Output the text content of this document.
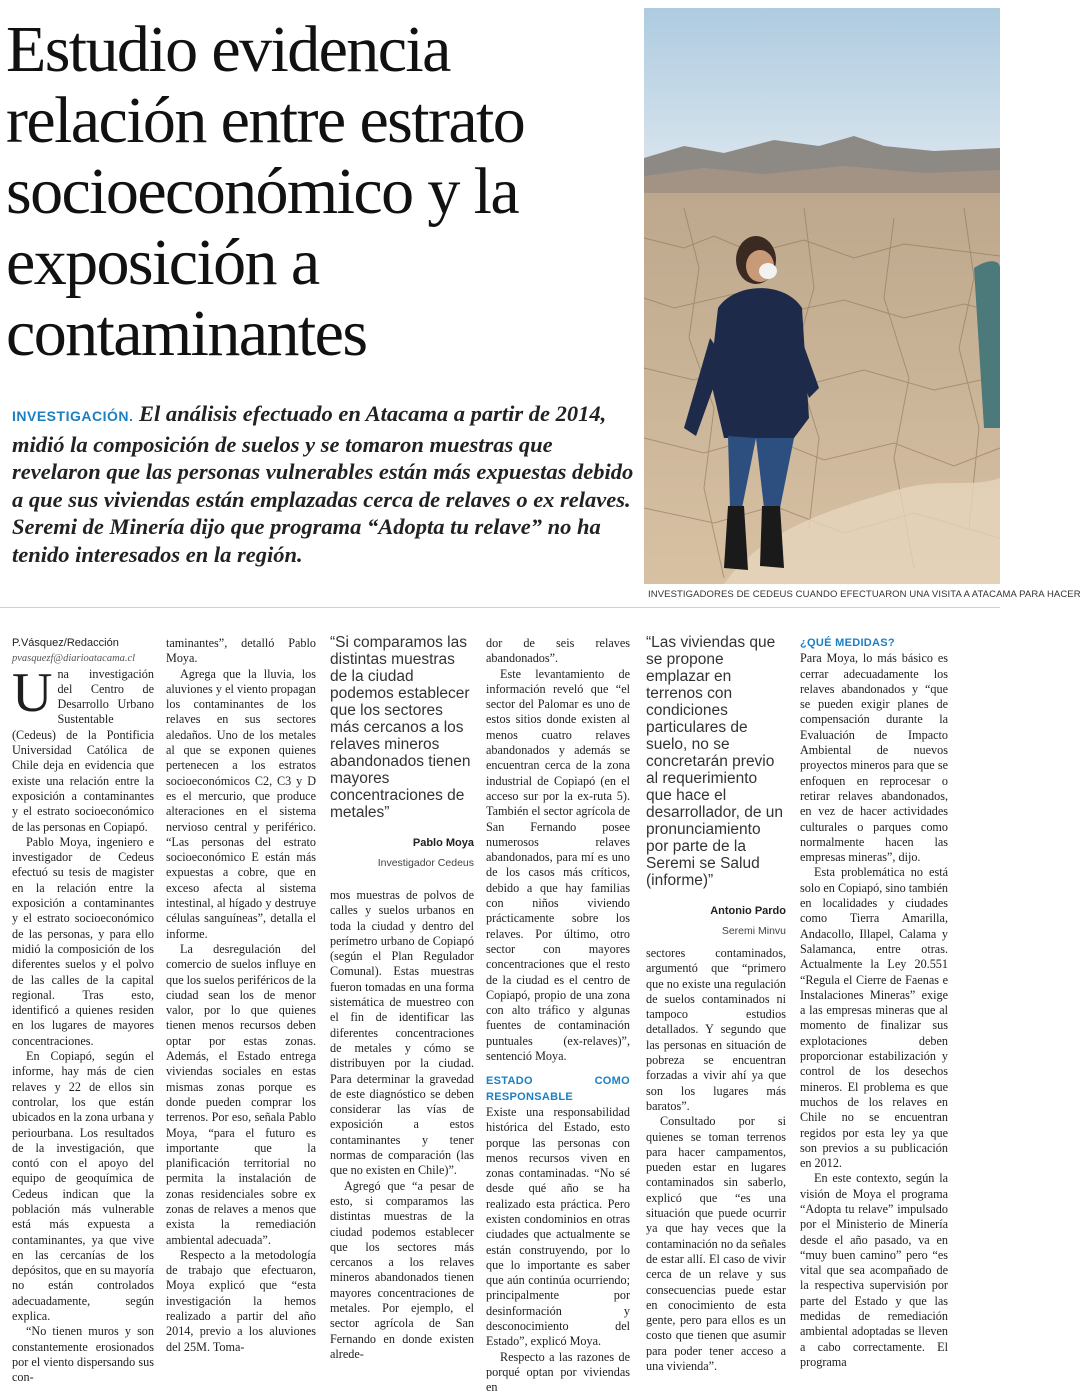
Estudio evidencia
relación entre estrato
socioeconómico y la
exposición a
contaminantes

INVESTIGACIÓN. El análisis efectuado en Atacama a partir de 2014, midió la composición de suelos y se tomaron muestras que revelaron que las personas vulnerables están más expuestas debido a que sus viviendas están emplazadas cerca de relaves o ex relaves. Seremi de Minería dijo que programa “Adopta tu relave” no ha tenido interesados en la región.

INVESTIGADORES DE CEDEUS CUANDO EFECTUARON UNA VISITA A ATACAMA PARA HACER

P.Vásquez/Redacción

pvasquezf@diarioatacama.cl

Una investigación del Centro de Desarrollo Urbano Sustentable (Cedeus) de la Pontificia Universidad Católica de Chile deja en evidencia que existe una relación entre la exposición a contaminantes y el estrato socioeconómico de las personas en Copiapó.

Pablo Moya, ingeniero e investigador de Cedeus efectuó su tesis de magister en la relación entre la exposición a contaminantes y el estrato socioeconómico de las personas, y para ello midió la composición de los diferentes suelos y el polvo de las calles de la capital regional. Tras esto, identificó a quienes residen en los lugares de mayores concentraciones.

En Copiapó, según el informe, hay más de cien relaves y 22 de ellos sin controlar, los que están ubicados en la zona urbana y periourbana. Los resultados de la investigación, que contó con el apoyo del equipo de geoquímica de Cedeus indican que la población más vulnerable está más expuesta a contaminantes, ya que vive en las cercanías de los depósitos, que en su mayoría no están controlados adecuadamente, según explica.

“No tienen muros y son constantemente erosionados por el viento dispersando sus con-

taminantes”, detalló Pablo Moya.

Agrega que la lluvia, los aluviones y el viento propagan los contaminantes de los relaves en sus sectores aledaños. Uno de los metales al que se exponen quienes pertenecen a los estratos socioeconómicos C2, C3 y D es el mercurio, que produce alteraciones en el sistema nervioso central y periférico. “Las personas del estrato socioeconómico E están más expuestas a cobre, que en exceso afecta al sistema intestinal, al hígado y destruye células sanguíneas”, detalla el informe.

La desregulación del comercio de suelos influye en que los suelos periféricos de la ciudad sean los de menor valor, por lo que quienes tienen menos recursos deben optar por estas zonas. Además, el Estado entrega viviendas sociales en estas mismas zonas porque es donde pueden comprar los terrenos. Por eso, señala Pablo Moya, “para el futuro es importante que la planificación territorial no permita la instalación de zonas residenciales sobre ex zonas de relaves a menos que exista la remediación ambiental adecuada”.

Respecto a la metodología de trabajo que efectuaron, Moya explicó que “esta investigación la hemos realizado a partir del año 2014, previo a los aluviones del 25M. Toma-

“Si comparamos las distintas muestras de la ciudad podemos establecer que los sectores más cercanos a los relaves mineros abandonados tienen mayores concentraciones de metales”

Pablo Moya

Investigador Cedeus

mos muestras de polvos de calles y suelos urbanos en toda la ciudad y dentro del perímetro urbano de Copiapó (según el Plan Regulador Comunal). Estas muestras fueron tomadas en una forma sistemática de muestreo con el fin de identificar las diferentes concentraciones de metales y cómo se distribuyen por la ciudad. Para determinar la gravedad de este diagnóstico se deben considerar las vías de exposición a estos contaminantes y tener normas de comparación (las que no existen en Chile)”.

Agregó que “a pesar de esto, si comparamos las distintas muestras de la ciudad podemos establecer que los sectores más cercanos a los relaves mineros abandonados tienen mayores concentraciones de metales. Por ejemplo, el sector agrícola de San Fernando en donde existen alrede-

dor de seis relaves abandonados”.

Este levantamiento de información reveló que “el sector del Palomar es uno de estos sitios donde existen al menos cuatro relaves abandonados y además se encuentran cerca de la zona industrial de Copiapó (en el acceso sur por la ex-ruta 5). También el sector agrícola de San Fernando posee numerosos relaves abandonados, para mí es uno de los casos más críticos, debido a que hay familias con niños viviendo prácticamente sobre los relaves. Por último, otro sector con mayores concentraciones que el resto de la ciudad es el centro de Copiapó, propio de una zona con alto tráfico y algunas fuentes de contaminación puntuales (ex-relaves)”, sentenció Moya.

ESTADO COMO RESPONSABLE

Existe una responsabilidad histórica del Estado, esto porque las personas con menos recursos viven en zonas contaminadas. “No sé desde qué año se ha realizado esta práctica. Pero existen condominios en otras ciudades que actualmente se están construyendo, por lo que lo importante es saber que aún continúa ocurriendo; principalmente por desinformación y desconocimiento del Estado”, explicó Moya.

Respecto a las razones de porqué optan por viviendas en

“Las viviendas que se propone emplazar en terrenos con condiciones particulares de suelo, no se concretarán previo al requerimiento que hace el desarrollador, de un pronunciamiento por parte de la Seremi se Salud (informe)”

Antonio Pardo

Seremi Minvu

sectores contaminados, argumentó que “primero que no existe una regulación de suelos contaminados ni tampoco estudios detallados. Y segundo que las personas en situación de pobreza se encuentran forzadas a vivir ahí ya que son los lugares más baratos”.

Consultado por si quienes se toman terrenos para hacer campamentos, pueden estar en lugares contaminados sin saberlo, explicó que “es una situación que puede ocurrir ya que hay veces que la contaminación no da señales de estar allí. El caso de vivir cerca de un relave y sus consecuencias puede estar en conocimiento de esta gente, pero para ellos es un costo que tienen que asumir para poder tener acceso a una vivienda”.

¿QUÉ MEDIDAS?

Para Moya, lo más básico es cerrar adecuadamente los relaves abandonados y “que se pueden exigir planes de compensación durante la Evaluación de Impacto Ambiental de nuevos proyectos mineros para que se enfoquen en reprocesar o retirar relaves abandonados, en vez de hacer actividades culturales o parques como normalmente hacen las empresas mineras”, dijo.

Esta problemática no está solo en Copiapó, sino también en localidades y ciudades como Tierra Amarilla, Andacollo, Illapel, Calama y Salamanca, entre otras. Actualmente la Ley 20.551 “Regula el Cierre de Faenas e Instalaciones Mineras” exige a las empresas mineras que al momento de finalizar sus explotaciones deben proporcionar estabilización y control de los desechos mineros. El problema es que muchos de los relaves en Chile no se encuentran regidos por esta ley ya que son previos a su publicación en 2012.

En este contexto, según la visión de Moya el programa “Adopta tu relave” impulsado por el Ministerio de Minería desde el año pasado, va en “muy buen camino” pero “es vital que sea acompañado de la respectiva supervisión por parte del Estado y que las medidas de remediación ambiental adoptadas se lleven a cabo correctamente. El programa
